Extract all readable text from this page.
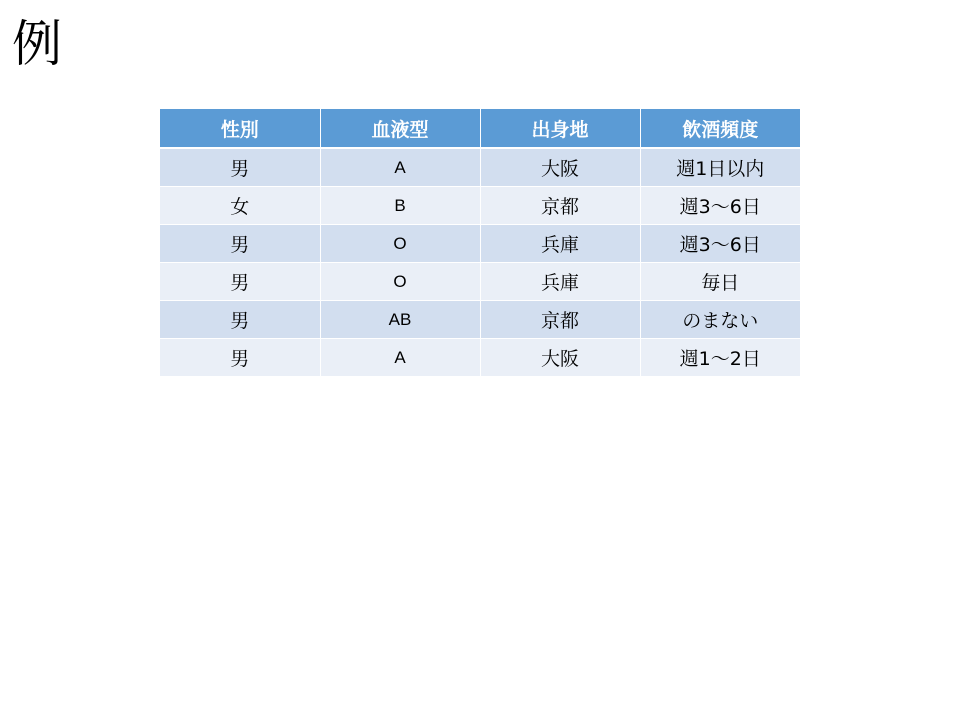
例
性別	血液型	出身地	飲酒頻度
男	A	大阪	週1日以内
女	B	京都	週3～6日
男	O	兵庫	週3～6日
男	O	兵庫	毎日
男	AB	京都	のまない
男	A	大阪	週1～2日
